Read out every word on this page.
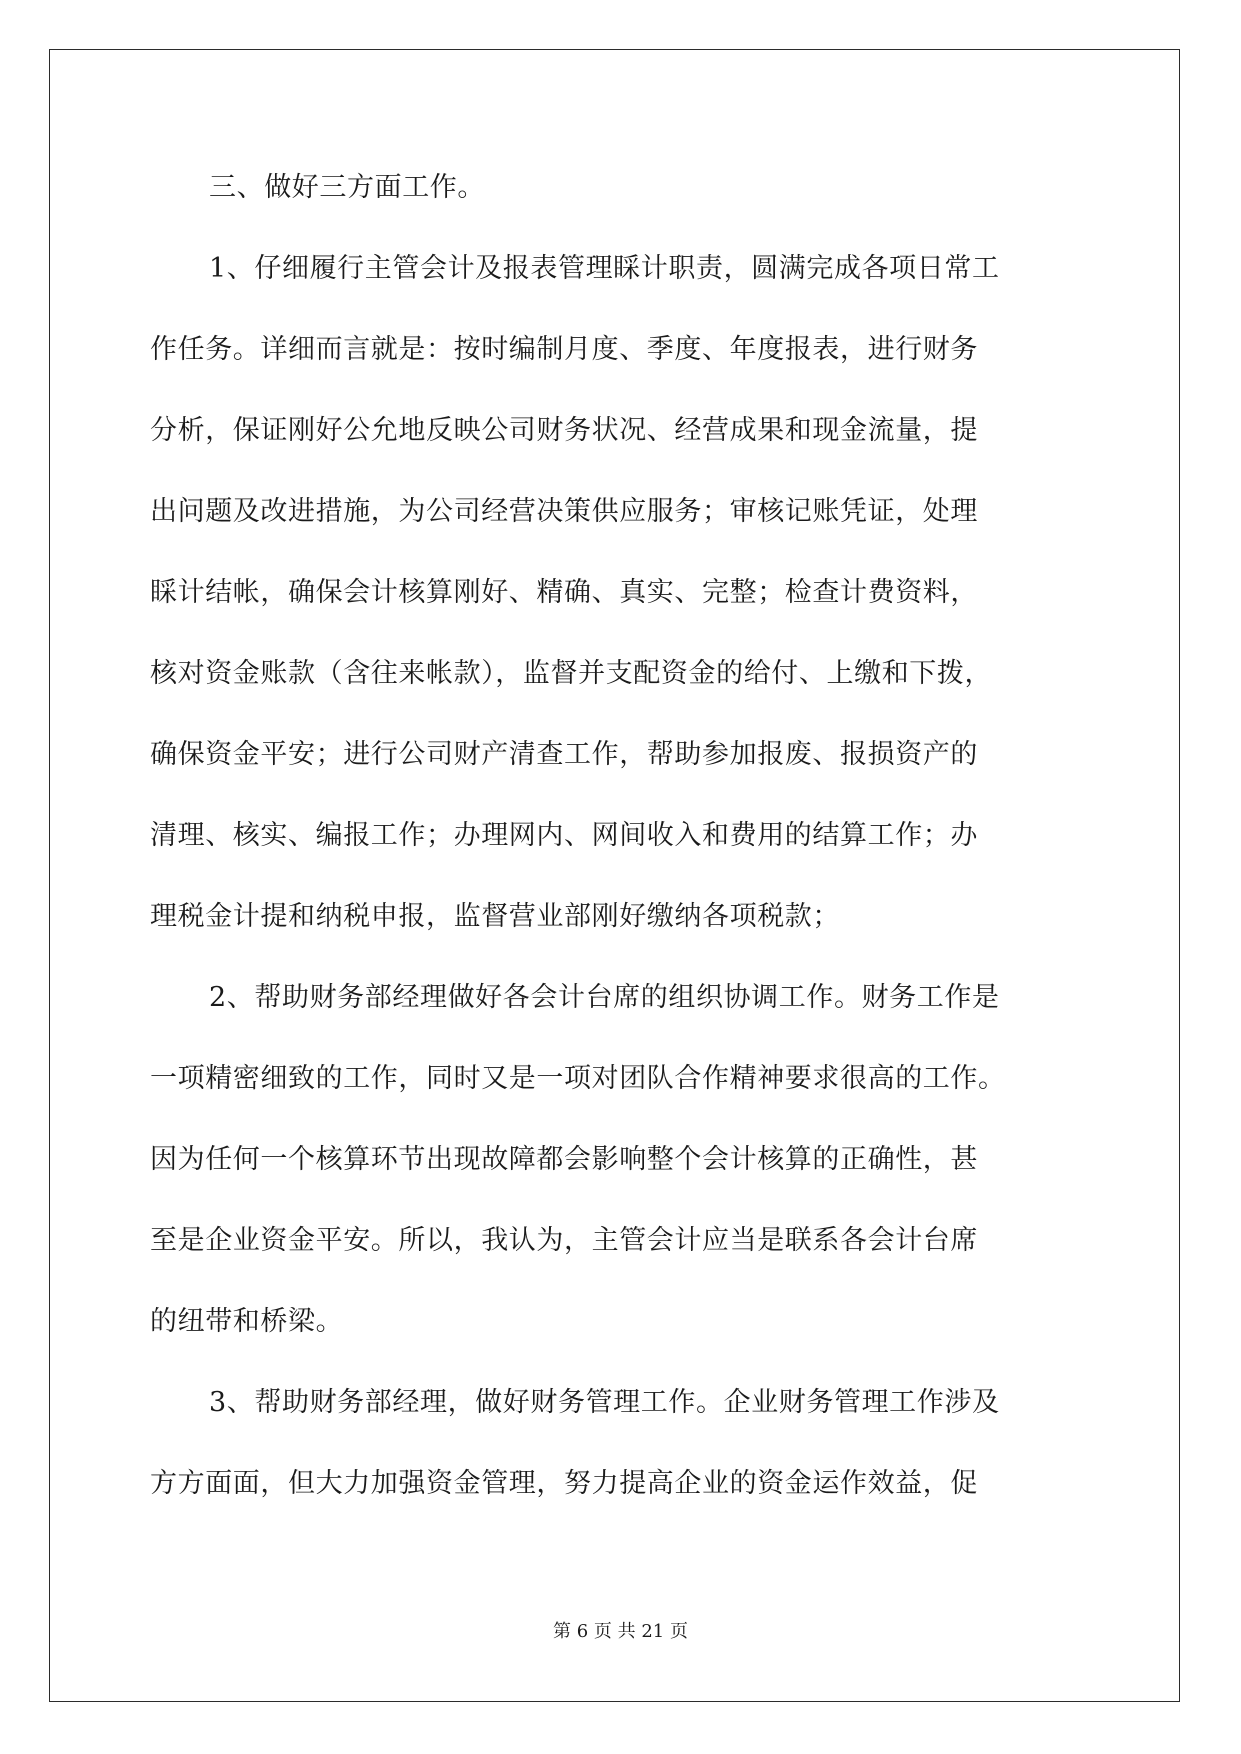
三、做好三方面工作。
1、仔细履行主管会计及报表管理睬计职责，圆满完成各项日常工
作任务。详细而言就是：按时编制月度、季度、年度报表，进行财务
分析，保证刚好公允地反映公司财务状况、经营成果和现金流量，提
出问题及改进措施，为公司经营决策供应服务；审核记账凭证，处理
睬计结帐，确保会计核算刚好、精确、真实、完整；检查计费资料，
核对资金账款（含往来帐款），监督并支配资金的给付、上缴和下拨，
确保资金平安；进行公司财产清查工作，帮助参加报废、报损资产的
清理、核实、编报工作；办理网内、网间收入和费用的结算工作；办
理税金计提和纳税申报，监督营业部刚好缴纳各项税款；
2、帮助财务部经理做好各会计台席的组织协调工作。财务工作是
一项精密细致的工作，同时又是一项对团队合作精神要求很高的工作。
因为任何一个核算环节出现故障都会影响整个会计核算的正确性，甚
至是企业资金平安。所以，我认为，主管会计应当是联系各会计台席
的纽带和桥梁。
3、帮助财务部经理，做好财务管理工作。企业财务管理工作涉及
方方面面，但大力加强资金管理，努力提高企业的资金运作效益，促
第 6 页 共 21 页
